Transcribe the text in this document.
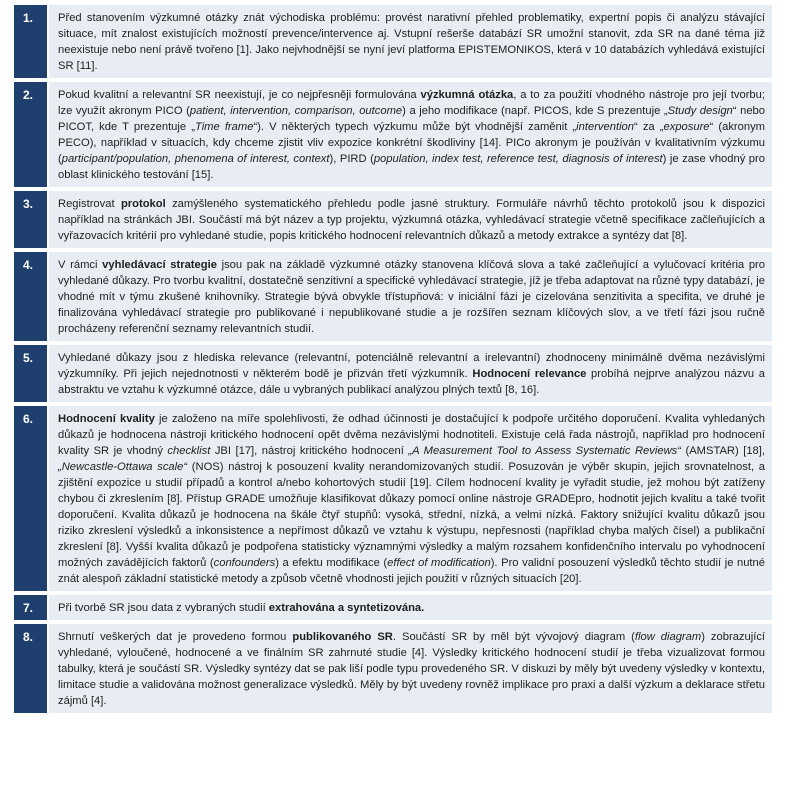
1.	Před stanovením výzkumné otázky znát východiska problému: provést narativní přehled problematiky, expertní popis či analýzu stávající situace, mít znalost existujících možností prevence/intervence aj. Vstupní rešerše databází SR umožní stanovit, zda SR na dané téma již neexistuje nebo není právě tvořeno [1]. Jako nejvhodnější se nyní jeví platforma EPISTEMONIKOS, která v 10 databázích vyhledává existující SR [11].
2.	Pokud kvalitní a relevantní SR neexistují, je co nejpřesněji formulována výzkumná otázka, a to za použití vhodného nástroje pro její tvorbu; lze využít akronym PICO (patient, intervention, comparison, outcome) a jeho modifikace (např. PICOS, kde S prezentuje „Study design“ nebo PICOT, kde T prezentuje „Time frame“). V některých typech výzkumu může být vhodnější zaměnit „intervention“ za „exposure“ (akronym PECO), například v situacích, kdy chceme zjistit vliv expozice konkrétní škodliviny [14]. PICo akronym je používán v kvalitativním výzkumu (participant/population, phenomena of interest, context), PIRD (population, index test, reference test, diagnosis of interest) je zase vhodný pro oblast klinického testování [15].
3.	Registrovat protokol zamýšleného systematického přehledu podle jasné struktury. Formuláře návrhů těchto protokolů jsou k dispozici například na stránkách JBI. Součástí má být název a typ projektu, výzkumná otázka, vyhledávací strategie včetně specifikace začleňujících a vyřazovacích kritérií pro vyhledané studie, popis kritického hodnocení relevantních důkazů a metody extrakce a syntézy dat [8].
4.	V rámci vyhledávací strategie jsou pak na základě výzkumné otázky stanovena klíčová slova a také začleňující a vylučovací kritéria pro vyhledané důkazy. Pro tvorbu kvalitní, dostatečně senzitivní a specifické vyhledávací strategie, jíž je třeba adaptovat na různé typy databází, je vhodné mít v týmu zkušené knihovníky. Strategie bývá obvykle třístupňová: v iniciální fázi je cizelována senzitivita a specifita, ve druhé je finalizována vyhledávací strategie pro publikované i nepublikované studie a je rozšířen seznam klíčových slov, a ve třetí fázi jsou ručně procházeny referenční seznamy relevantních studií.
5.	Vyhledané důkazy jsou z hlediska relevance (relevantní, potenciálně relevantní a irelevantní) zhodnoceny minimálně dvěma nezávislými výzkumníky. Při jejich nejednotnosti v některém bodě je přizván třetí výzkumník. Hodnocení relevance probíhá nejprve analýzou názvu a abstraktu ve vztahu k výzkumné otázce, dále u vybraných publikací analýzou plných textů [8, 16].
6.	Hodnocení kvality je založeno na míře spolehlivosti, že odhad účinnosti je dostačující k podpoře určitého doporučení. Kvalita vyhledaných důkazů je hodnocena nástroji kritického hodnocení opět dvěma nezávislými hodnotiteli. Existuje celá řada nástrojů, například pro hodnocení kvality SR je vhodný checklist JBI [17], nástroj kritického hodnocení „A Measurement Tool to Assess Systematic Reviews“ (AMSTAR) [18],„Newcastle-Ottawa scale“ (NOS) nástroj k posouzení kvality nerandomizovaných studií. Posuzován je výběr skupin, jejich srovnatelnost, a zjištění expozice u studií případů a kontrol a/nebo kohortových studií [19]. Cílem hodnocení kvality je vyřadit studie, jež mohou být zatíženy chybou či zkreslením [8]. Přístup GRADE umožňuje klasifikovat důkazy pomocí online nástroje GRADEpro, hodnotit jejich kvalitu a také tvořit doporučení. Kvalita důkazů je hodnocena na škále čtyř stupňů: vysoká, střední, nízká, a velmi nízká. Faktory snižující kvalitu důkazů jsou riziko zkreslení výsledků a inkonsistence a nepřímost důkazů ve vztahu k výstupu, nepřesnosti (například chyba malých čísel) a publikační zkreslení [8]. Vyšší kvalita důkazů je podpořena statisticky významnými výsledky a malým rozsahem konfidenčního intervalu po vyhodnocení možných zavádějících faktorů (confounders) a efektu modifikace (effect of modification). Pro validní posouzení výsledků těchto studií je nutné znát alespoň základní statistické metody a způsob včetně vhodnosti jejich použití v různých situacích [20].
7.	Při tvorbě SR jsou data z vybraných studií extrahována a syntetizována.
8.	Shrnutí veškerých dat je provedeno formou publikovaného SR. Součástí SR by měl být vývojový diagram (flow diagram) zobrazující vyhledané, vyloučené, hodnocené a ve finálním SR zahrnuté studie [4]. Výsledky kritického hodnocení studií je třeba vizualizovat formou tabulky, která je součástí SR. Výsledky syntézy dat se pak liší podle typu provedeného SR. V diskuzi by měly být uvedeny výsledky v kontextu, limitace studie a validována možnost generalizace výsledků. Měly by být uvedeny rovněž implikace pro praxi a další výzkum a deklarace střetu zájmů [4].
